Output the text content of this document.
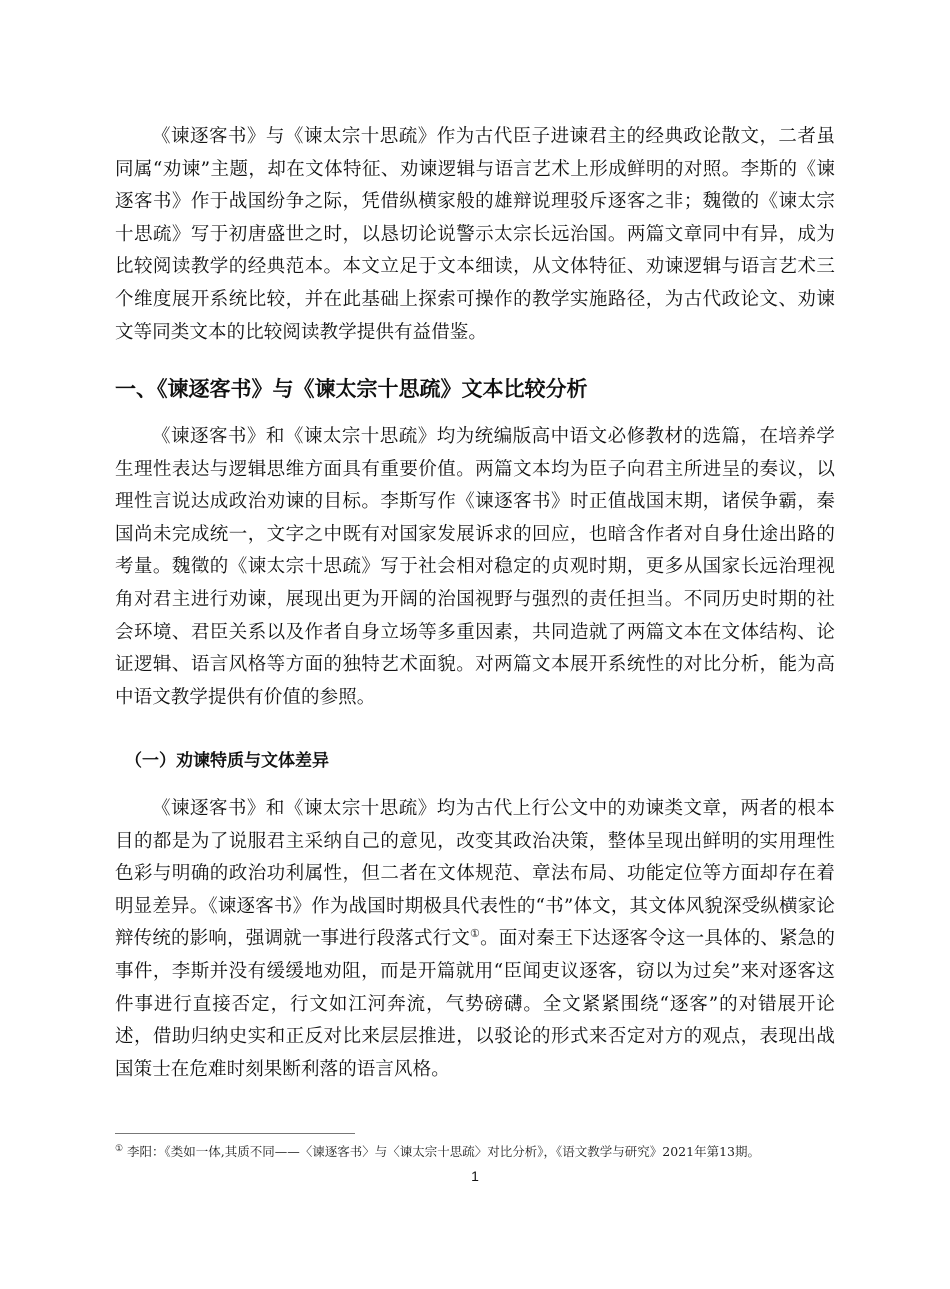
《谏逐客书》与《谏太宗十思疏》作为古代臣子进谏君主的经典政论散文，二者虽同属“劝谏”主题，却在文体特征、劝谏逻辑与语言艺术上形成鲜明的对照。李斯的《谏逐客书》作于战国纷争之际，凭借纵横家般的雄辩说理驳斥逐客之非；魏徵的《谏太宗十思疏》写于初唐盛世之时，以恳切论说警示太宗长远治国。两篇文章同中有异，成为比较阅读教学的经典范本。本文立足于文本细读，从文体特征、劝谏逻辑与语言艺术三个维度展开系统比较，并在此基础上探索可操作的教学实施路径，为古代政论文、劝谏文等同类文本的比较阅读教学提供有益借鉴。

一、《谏逐客书》与《谏太宗十思疏》文本比较分析

《谏逐客书》和《谏太宗十思疏》均为统编版高中语文必修教材的选篇，在培养学生理性表达与逻辑思维方面具有重要价值。两篇文本均为臣子向君主所进呈的奏议，以理性言说达成政治劝谏的目标。李斯写作《谏逐客书》时正值战国末期，诸侯争霸，秦国尚未完成统一，文字之中既有对国家发展诉求的回应，也暗含作者对自身仕途出路的考量。魏徵的《谏太宗十思疏》写于社会相对稳定的贞观时期，更多从国家长远治理视角对君主进行劝谏，展现出更为开阔的治国视野与强烈的责任担当。不同历史时期的社会环境、君臣关系以及作者自身立场等多重因素，共同造就了两篇文本在文体结构、论证逻辑、语言风格等方面的独特艺术面貌。对两篇文本展开系统性的对比分析，能为高中语文教学提供有价值的参照。

（一）劝谏特质与文体差异

《谏逐客书》和《谏太宗十思疏》均为古代上行公文中的劝谏类文章，两者的根本目的都是为了说服君主采纳自己的意见，改变其政治决策，整体呈现出鲜明的实用理性色彩与明确的政治功利属性，但二者在文体规范、章法布局、功能定位等方面却存在着明显差异。《谏逐客书》作为战国时期极具代表性的“书”体文，其文体风貌深受纵横家论辩传统的影响，强调就一事进行段落式行文①。面对秦王下达逐客令这一具体的、紧急的事件，李斯并没有缓缓地劝阻，而是开篇就用“臣闻吏议逐客，窃以为过矣”来对逐客这件事进行直接否定，行文如江河奔流，气势磅礴。全文紧紧围绕“逐客”的对错展开论述，借助归纳史实和正反对比来层层推进，以驳论的形式来否定对方的观点，表现出战国策士在危难时刻果断利落的语言风格。

① 李阳：《类如一体,其质不同——〈谏逐客书〉与〈谏太宗十思疏〉对比分析》，《语文教学与研究》2021年第13期。

1
